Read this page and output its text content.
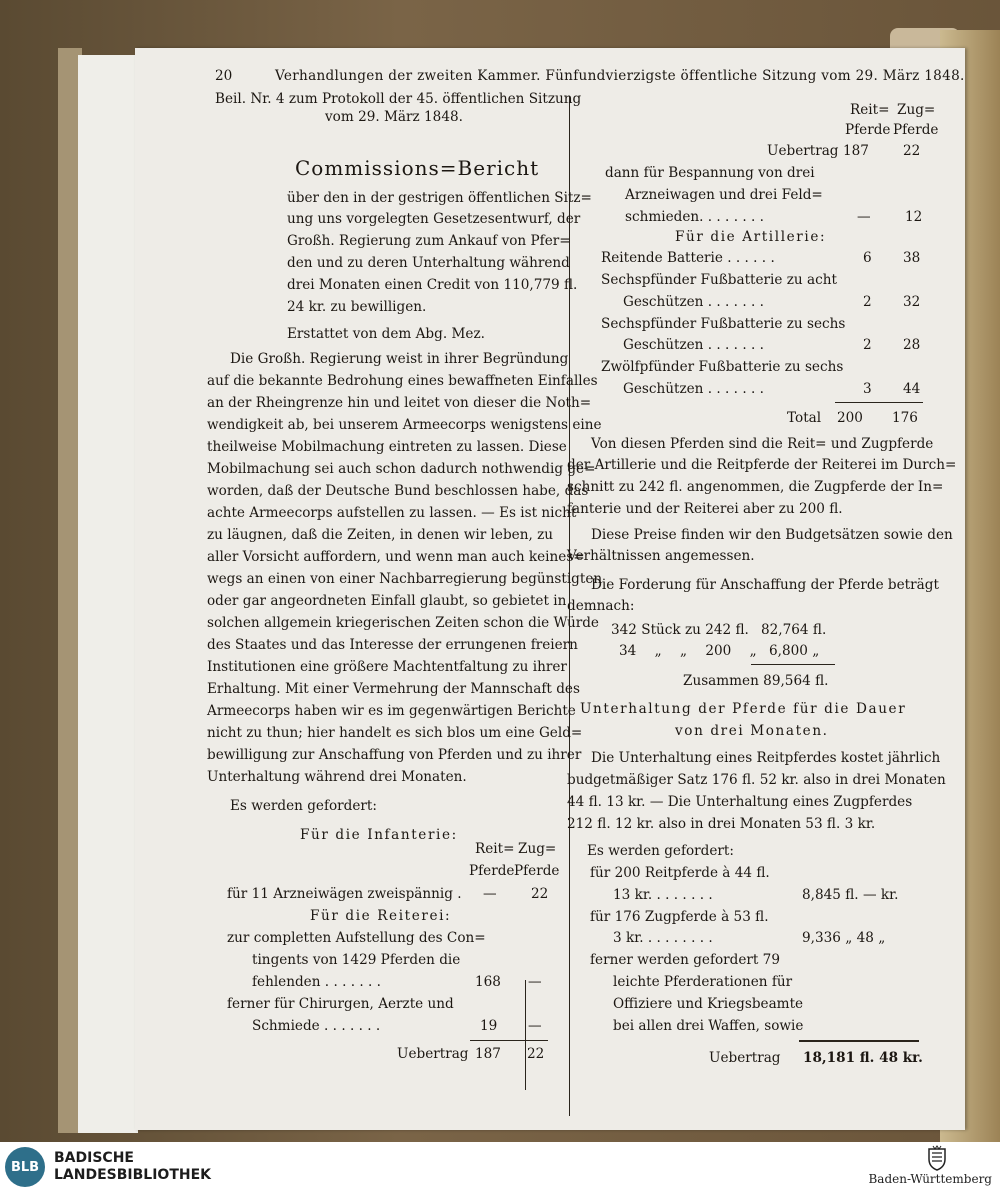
20	Verhandlungen der zweiten Kammer. Fünfundvierzigste öffentliche Sitzung vom 29. März 1848.
Beil. Nr. 4 zum Protokoll der 45. öffentlichen Sitzung
vom 29. März 1848.
Commissions=Bericht
über den in der gestrigen öffentlichen Sitz=
ung uns vorgelegten Gesetzesentwurf, der
Großh. Regierung zum Ankauf von Pfer=
den und zu deren Unterhaltung während
drei Monaten einen Credit von 110,779 fl.
24 kr. zu bewilligen.
Erstattet von dem Abg. Mez.
Die Großh. Regierung weist in ihrer Begründung
auf die bekannte Bedrohung eines bewaffneten Einfalles
an der Rheingrenze hin und leitet von dieser die Noth=
wendigkeit ab, bei unserem Armeecorps wenigstens eine
theilweise Mobilmachung eintreten zu lassen. Diese
Mobilmachung sei auch schon dadurch nothwendig ge=
worden, daß der Deutsche Bund beschlossen habe, das
achte Armeecorps aufstellen zu lassen. — Es ist nicht
zu läugnen, daß die Zeiten, in denen wir leben, zu
aller Vorsicht auffordern, und wenn man auch keines=
wegs an einen von einer Nachbarregierung begünstigten
oder gar angeordneten Einfall glaubt, so gebietet in
solchen allgemein kriegerischen Zeiten schon die Würde
des Staates und das Interesse der errungenen freiern
Institutionen eine größere Machtentfaltung zu ihrer
Erhaltung. Mit einer Vermehrung der Mannschaft des
Armeecorps haben wir es im gegenwärtigen Berichte
nicht zu thun; hier handelt es sich blos um eine Geld=
bewilligung zur Anschaffung von Pferden und zu ihrer
Unterhaltung während drei Monaten.
Es werden gefordert:
Für die Infanterie:
Reit= Zug=
Pferde Pferde
für 11 Arzneiwägen zweispännig . —	22
Für die Reiterei:
zur completten Aufstellung des Con=
tingents von 1429 Pferden die
fehlenden . . . . . . .	168 —
ferner für Chirurgen, Aerzte und
Schmiede . . . . . . .	19 —
Uebertrag 187 22
Reit= Zug=
Pferde Pferde
Uebertrag 187	22
dann für Bespannung von drei
Arzneiwagen und drei Feld=
schmieden. . . . . . . .	—	12
Für die Artillerie:
Reitende Batterie . . . . . .	6 38
Sechspfünder Fußbatterie zu acht
Geschützen . . . . . . .	2 32
Sechspfünder Fußbatterie zu sechs
Geschützen . . . . . . .	2 28
Zwölfpfünder Fußbatterie zu sechs
Geschützen . . . . . . .	3 44
Total 200 176
Von diesen Pferden sind die Reit= und Zugpferde
der Artillerie und die Reitpferde der Reiterei im Durch=
schnitt zu 242 fl. angenommen, die Zugpferde der In=
fanterie und der Reiterei aber zu 200 fl.
Diese Preise finden wir den Budgetsätzen sowie den
Verhältnissen angemessen.
Die Forderung für Anschaffung der Pferde beträgt
demnach:
342 Stück zu 242 fl. 82,764 fl.
34 „ „ 200 „ 6,800 „
Zusammen 89,564 fl.
Unterhaltung der Pferde für die Dauer
von drei Monaten.
Die Unterhaltung eines Reitpferdes kostet jährlich
budgetmäßiger Satz 176 fl. 52 kr. also in drei Monaten
44 fl. 13 kr. — Die Unterhaltung eines Zugpferdes
212 fl. 12 kr. also in drei Monaten 53 fl. 3 kr.
Es werden gefordert:
für 200 Reitpferde à 44 fl.
13 kr. . . . . . . .	8,845 fl. — kr.
für 176 Zugpferde à 53 fl.
3 kr. . . . . . . . .	9,336 „ 48 „
ferner werden gefordert 79
leichte Pferderationen für
Offiziere und Kriegsbeamte
bei allen drei Waffen, sowie
Uebertrag 18,181 fl. 48 kr.
BLB
BADISCHE
LANDESBIBLIOTHEK	Baden-Württemberg
